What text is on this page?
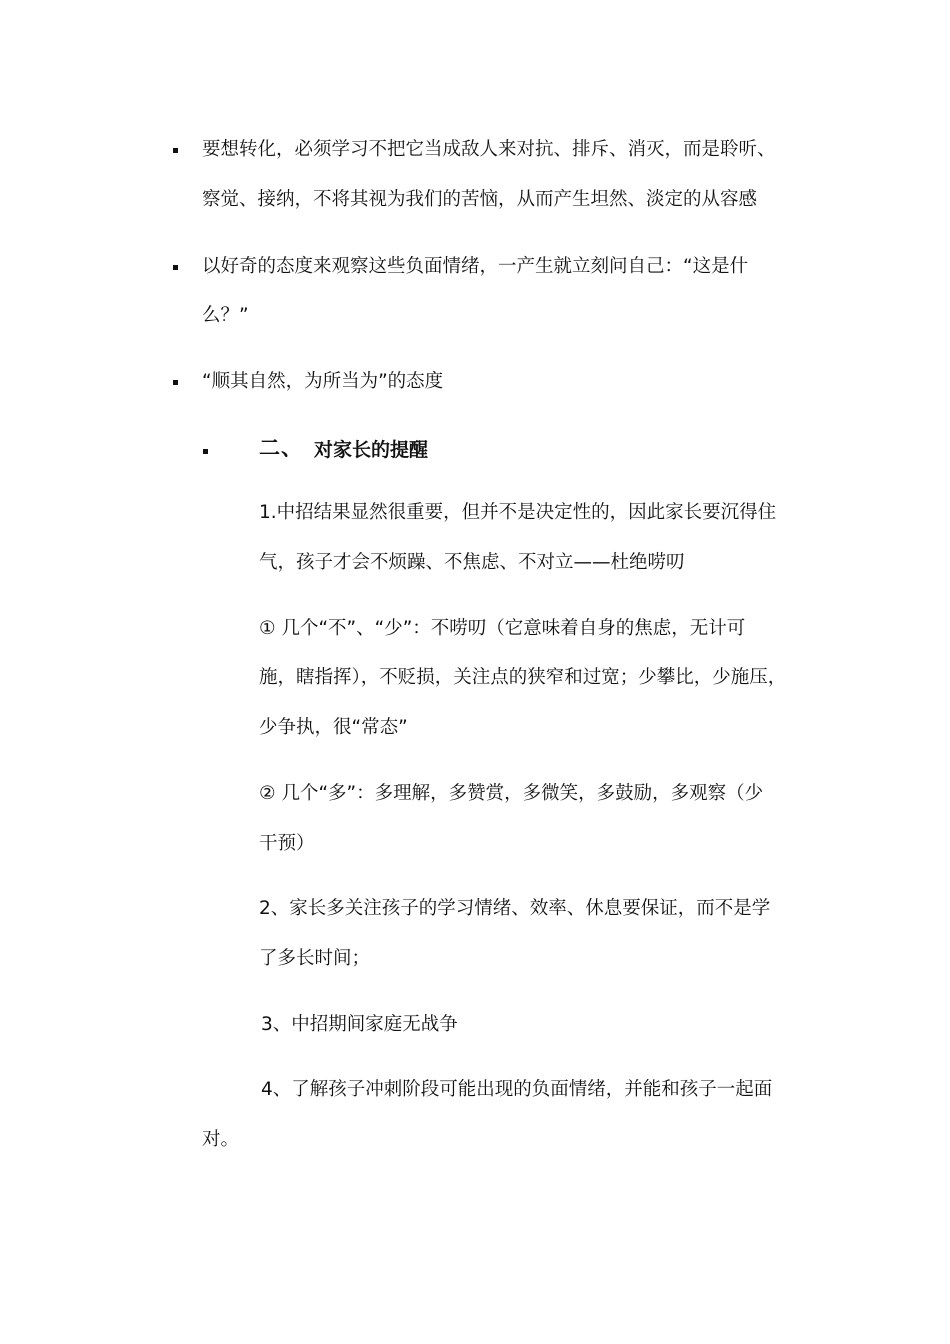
要想转化，必须学习不把它当成敌人来对抗、排斥、消灭，而是聆听、
察觉、接纳，不将其视为我们的苦恼，从而产生坦然、淡定的从容感
以好奇的态度来观察这些负面情绪，一产生就立刻问自己：“这是什
么？”
“顺其自然，为所当为”的态度
二、 对家长的提醒
1.中招结果显然很重要，但并不是决定性的，因此家长要沉得住
气，孩子才会不烦躁、不焦虑、不对立——杜绝唠叨
① 几个“不”、“少”：不唠叨（它意味着自身的焦虑，无计可
施，瞎指挥），不贬损，关注点的狭窄和过宽；少攀比，少施压，
少争执，很“常态”
② 几个“多”：多理解，多赞赏，多微笑，多鼓励，多观察（少
干预）
2、家长多关注孩子的学习情绪、效率、休息要保证，而不是学
了多长时间；
3、中招期间家庭无战争
4、了解孩子冲刺阶段可能出现的负面情绪，并能和孩子一起面
对。
